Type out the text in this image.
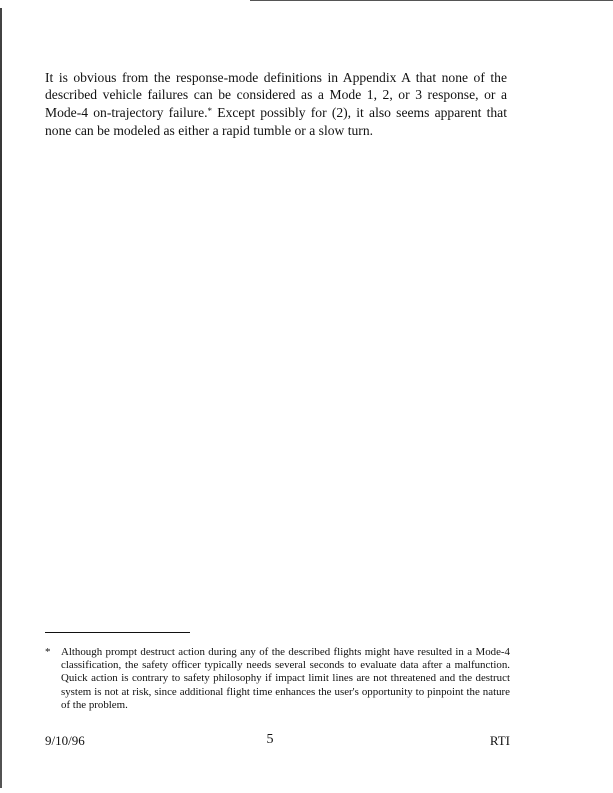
It is obvious from the response-mode definitions in Appendix A that none of the described vehicle failures can be considered as a Mode 1, 2, or 3 response, or a Mode-4 on-trajectory failure.* Except possibly for (2), it also seems apparent that none can be modeled as either a rapid tumble or a slow turn.

* Although prompt destruct action during any of the described flights might have resulted in a Mode-4 classification, the safety officer typically needs several seconds to evaluate data after a malfunction. Quick action is contrary to safety philosophy if impact limit lines are not threatened and the destruct system is not at risk, since additional flight time enhances the user's opportunity to pinpoint the nature of the problem.

9/10/96	5	RTI
